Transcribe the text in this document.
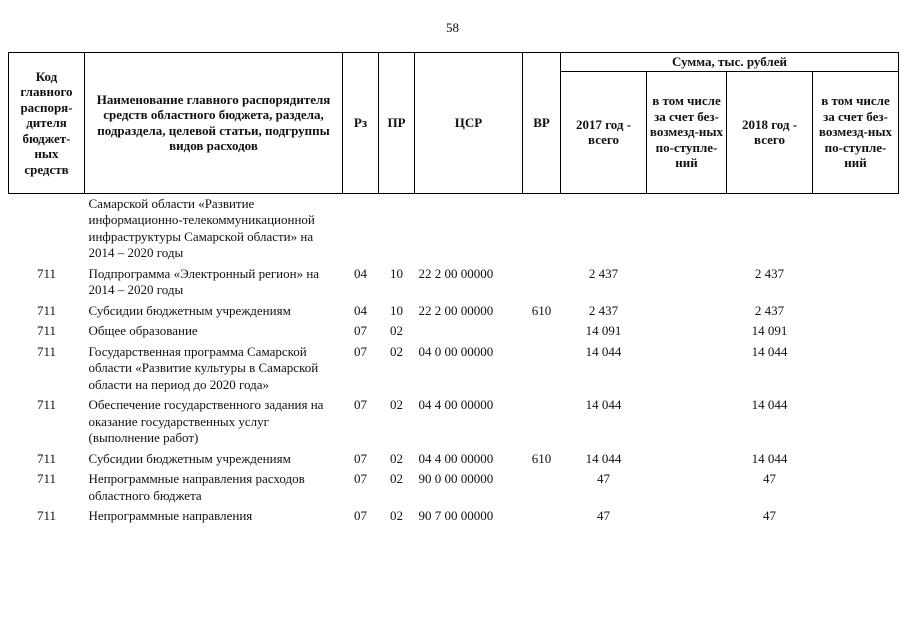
58
Код главного распоря-дителя бюджет-ных средств	Наименование главного распорядителя средств областного бюджета, раздела, подраздела, целевой статьи, подгруппы видов расходов	Рз	ПР	ЦСР	ВР	Сумма, тыс. рублей			
						2017 год - всего	в том числе за счет без-возмезд-ных по-ступле-ний	2018 год - всего	в том числе за счет без-возмезд-ных по-ступле-ний
	Самарской области «Развитие информационно-телекоммуникационной инфраструктуры Самарской области» на 2014 – 2020 годы								
711	Подпрограмма «Электронный регион» на 2014 – 2020 годы	04	10	22 2 00 00000		2 437		2 437	
711	Субсидии бюджетным учреждениям	04	10	22 2 00 00000	610	2 437		2 437	
711	Общее образование	07	02			14 091		14 091	
711	Государственная программа Самарской области «Развитие культуры в Самарской области на период до 2020 года»	07	02	04 0 00 00000		14 044		14 044	
711	Обеспечение государственного задания на оказание государственных услуг (выполнение работ)	07	02	04 4 00 00000		14 044		14 044	
711	Субсидии бюджетным учреждениям	07	02	04 4 00 00000	610	14 044		14 044	
711	Непрограммные направления расходов областного бюджета	07	02	90 0 00 00000		47		47	
711	Непрограммные направления	07	02	90 7 00 00000		47		47	
